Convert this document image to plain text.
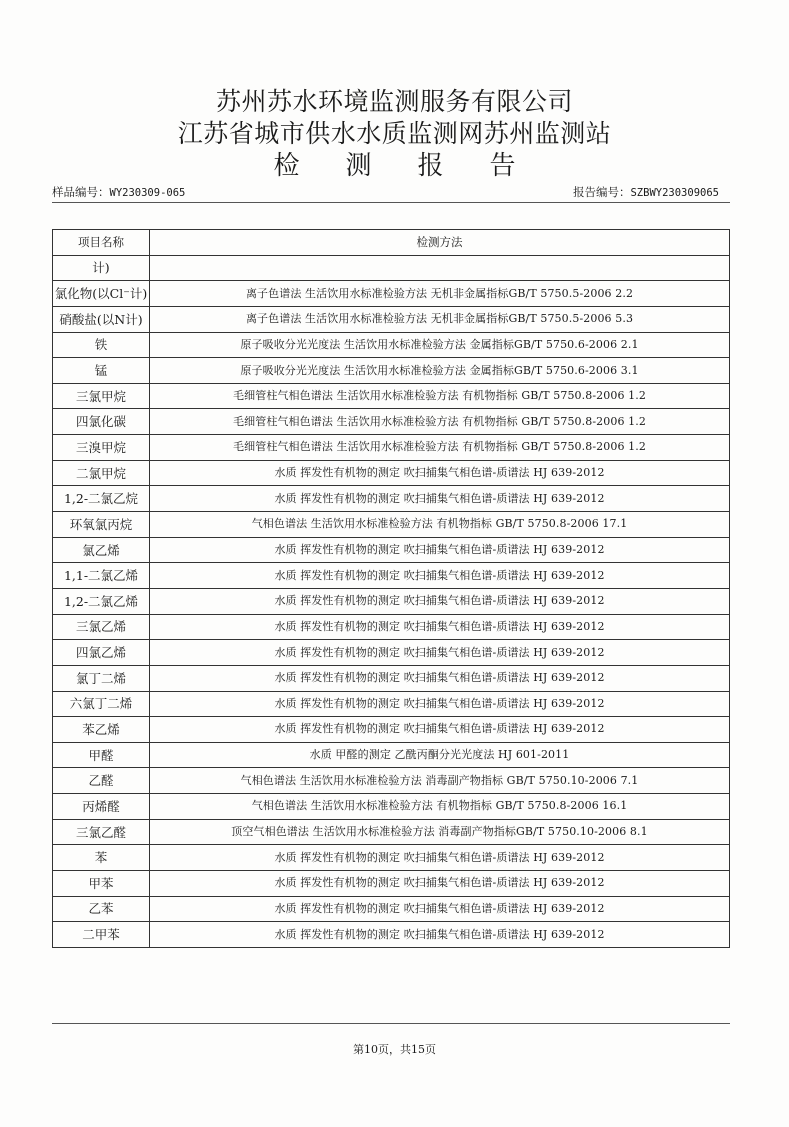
苏州苏水环境监测服务有限公司
江苏省城市供水水质监测网苏州监测站
检测报告
样品编号：WY230309-065	报告编号：SZBWY230309065
项目名称	检测方法
计)	
氯化物(以Cl⁻计)	离子色谱法 生活饮用水标准检验方法 无机非金属指标GB/T 5750.5-2006 2.2
硝酸盐(以N计)	离子色谱法 生活饮用水标准检验方法 无机非金属指标GB/T 5750.5-2006 5.3
铁	原子吸收分光光度法 生活饮用水标准检验方法 金属指标GB/T 5750.6-2006 2.1
锰	原子吸收分光光度法 生活饮用水标准检验方法 金属指标GB/T 5750.6-2006 3.1
三氯甲烷	毛细管柱气相色谱法 生活饮用水标准检验方法 有机物指标 GB/T 5750.8-2006 1.2
四氯化碳	毛细管柱气相色谱法 生活饮用水标准检验方法 有机物指标 GB/T 5750.8-2006 1.2
三溴甲烷	毛细管柱气相色谱法 生活饮用水标准检验方法 有机物指标 GB/T 5750.8-2006 1.2
二氯甲烷	水质 挥发性有机物的测定 吹扫捕集气相色谱-质谱法 HJ 639-2012
1,2-二氯乙烷	水质 挥发性有机物的测定 吹扫捕集气相色谱-质谱法 HJ 639-2012
环氧氯丙烷	气相色谱法 生活饮用水标准检验方法 有机物指标 GB/T 5750.8-2006 17.1
氯乙烯	水质 挥发性有机物的测定 吹扫捕集气相色谱-质谱法 HJ 639-2012
1,1-二氯乙烯	水质 挥发性有机物的测定 吹扫捕集气相色谱-质谱法 HJ 639-2012
1,2-二氯乙烯	水质 挥发性有机物的测定 吹扫捕集气相色谱-质谱法 HJ 639-2012
三氯乙烯	水质 挥发性有机物的测定 吹扫捕集气相色谱-质谱法 HJ 639-2012
四氯乙烯	水质 挥发性有机物的测定 吹扫捕集气相色谱-质谱法 HJ 639-2012
氯丁二烯	水质 挥发性有机物的测定 吹扫捕集气相色谱-质谱法 HJ 639-2012
六氯丁二烯	水质 挥发性有机物的测定 吹扫捕集气相色谱-质谱法 HJ 639-2012
苯乙烯	水质 挥发性有机物的测定 吹扫捕集气相色谱-质谱法 HJ 639-2012
甲醛	水质 甲醛的测定 乙酰丙酮分光光度法 HJ 601-2011
乙醛	气相色谱法 生活饮用水标准检验方法 消毒副产物指标 GB/T 5750.10-2006 7.1
丙烯醛	气相色谱法 生活饮用水标准检验方法 有机物指标 GB/T 5750.8-2006 16.1
三氯乙醛	顶空气相色谱法 生活饮用水标准检验方法 消毒副产物指标GB/T 5750.10-2006 8.1
苯	水质 挥发性有机物的测定 吹扫捕集气相色谱-质谱法 HJ 639-2012
甲苯	水质 挥发性有机物的测定 吹扫捕集气相色谱-质谱法 HJ 639-2012
乙苯	水质 挥发性有机物的测定 吹扫捕集气相色谱-质谱法 HJ 639-2012
二甲苯	水质 挥发性有机物的测定 吹扫捕集气相色谱-质谱法 HJ 639-2012
第10页，共15页
